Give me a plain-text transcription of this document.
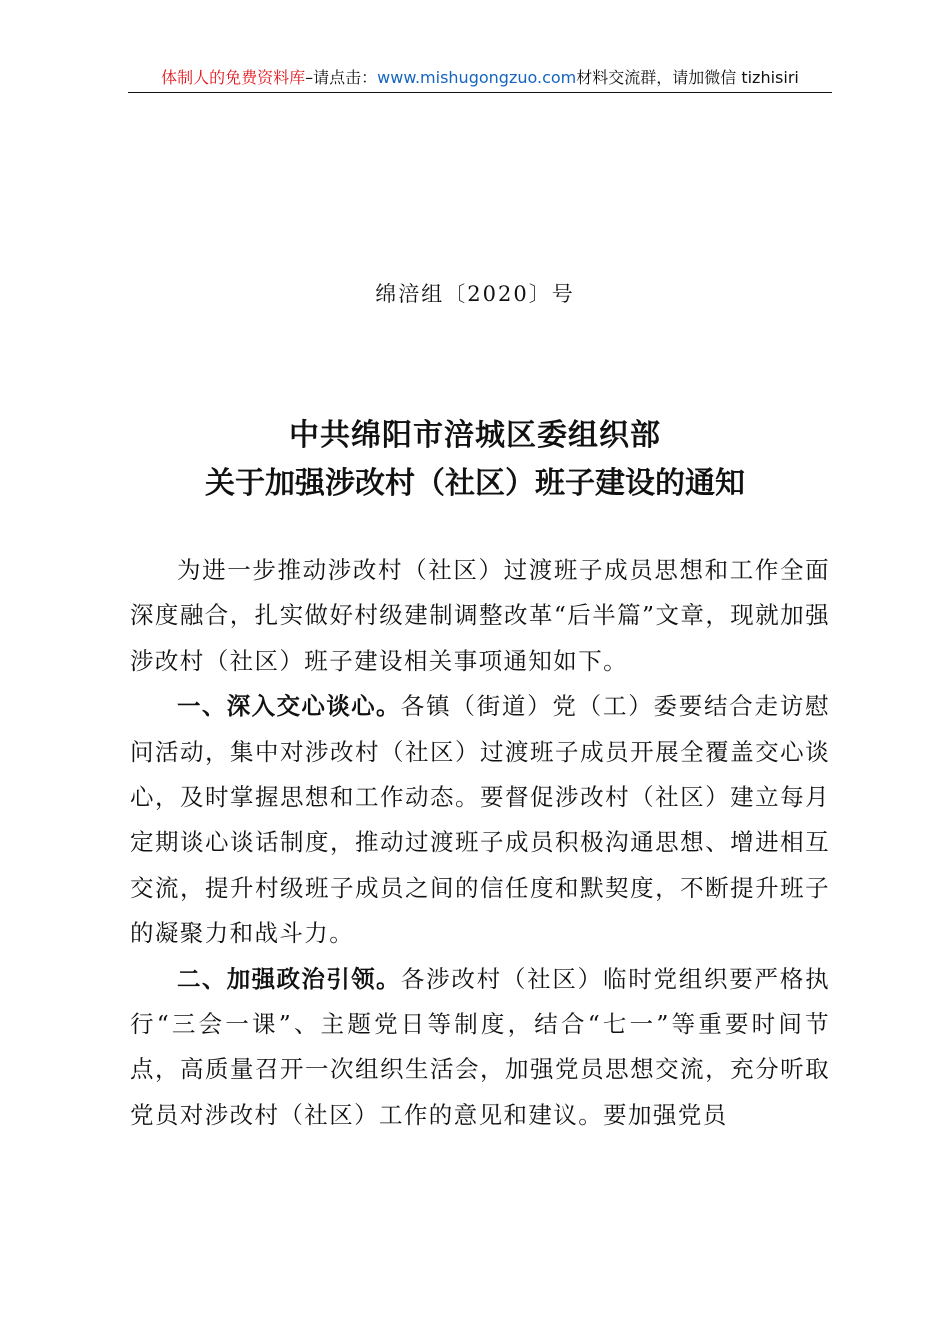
体制人的免费资料库–请点击：www.mishugongzuo.com材料交流群，请加微信 tizhisiri
绵涪组〔2020〕号
中共绵阳市涪城区委组织部
关于加强涉改村（社区）班子建设的通知

为进一步推动涉改村（社区）过渡班子成员思想和工作全面深度融合，扎实做好村级建制调整改革“后半篇”文章，现就加强涉改村（社区）班子建设相关事项通知如下。

一、深入交心谈心。各镇（街道）党（工）委要结合走访慰问活动，集中对涉改村（社区）过渡班子成员开展全覆盖交心谈心，及时掌握思想和工作动态。要督促涉改村（社区）建立每月定期谈心谈话制度，推动过渡班子成员积极沟通思想、增进相互交流，提升村级班子成员之间的信任度和默契度，不断提升班子的凝聚力和战斗力。

二、加强政治引领。各涉改村（社区）临时党组织要严格执行“三会一课”、主题党日等制度，结合“七一”等重要时间节点，高质量召开一次组织生活会，加强党员思想交流，充分听取党员对涉改村（社区）工作的意见和建议。要加强党员
